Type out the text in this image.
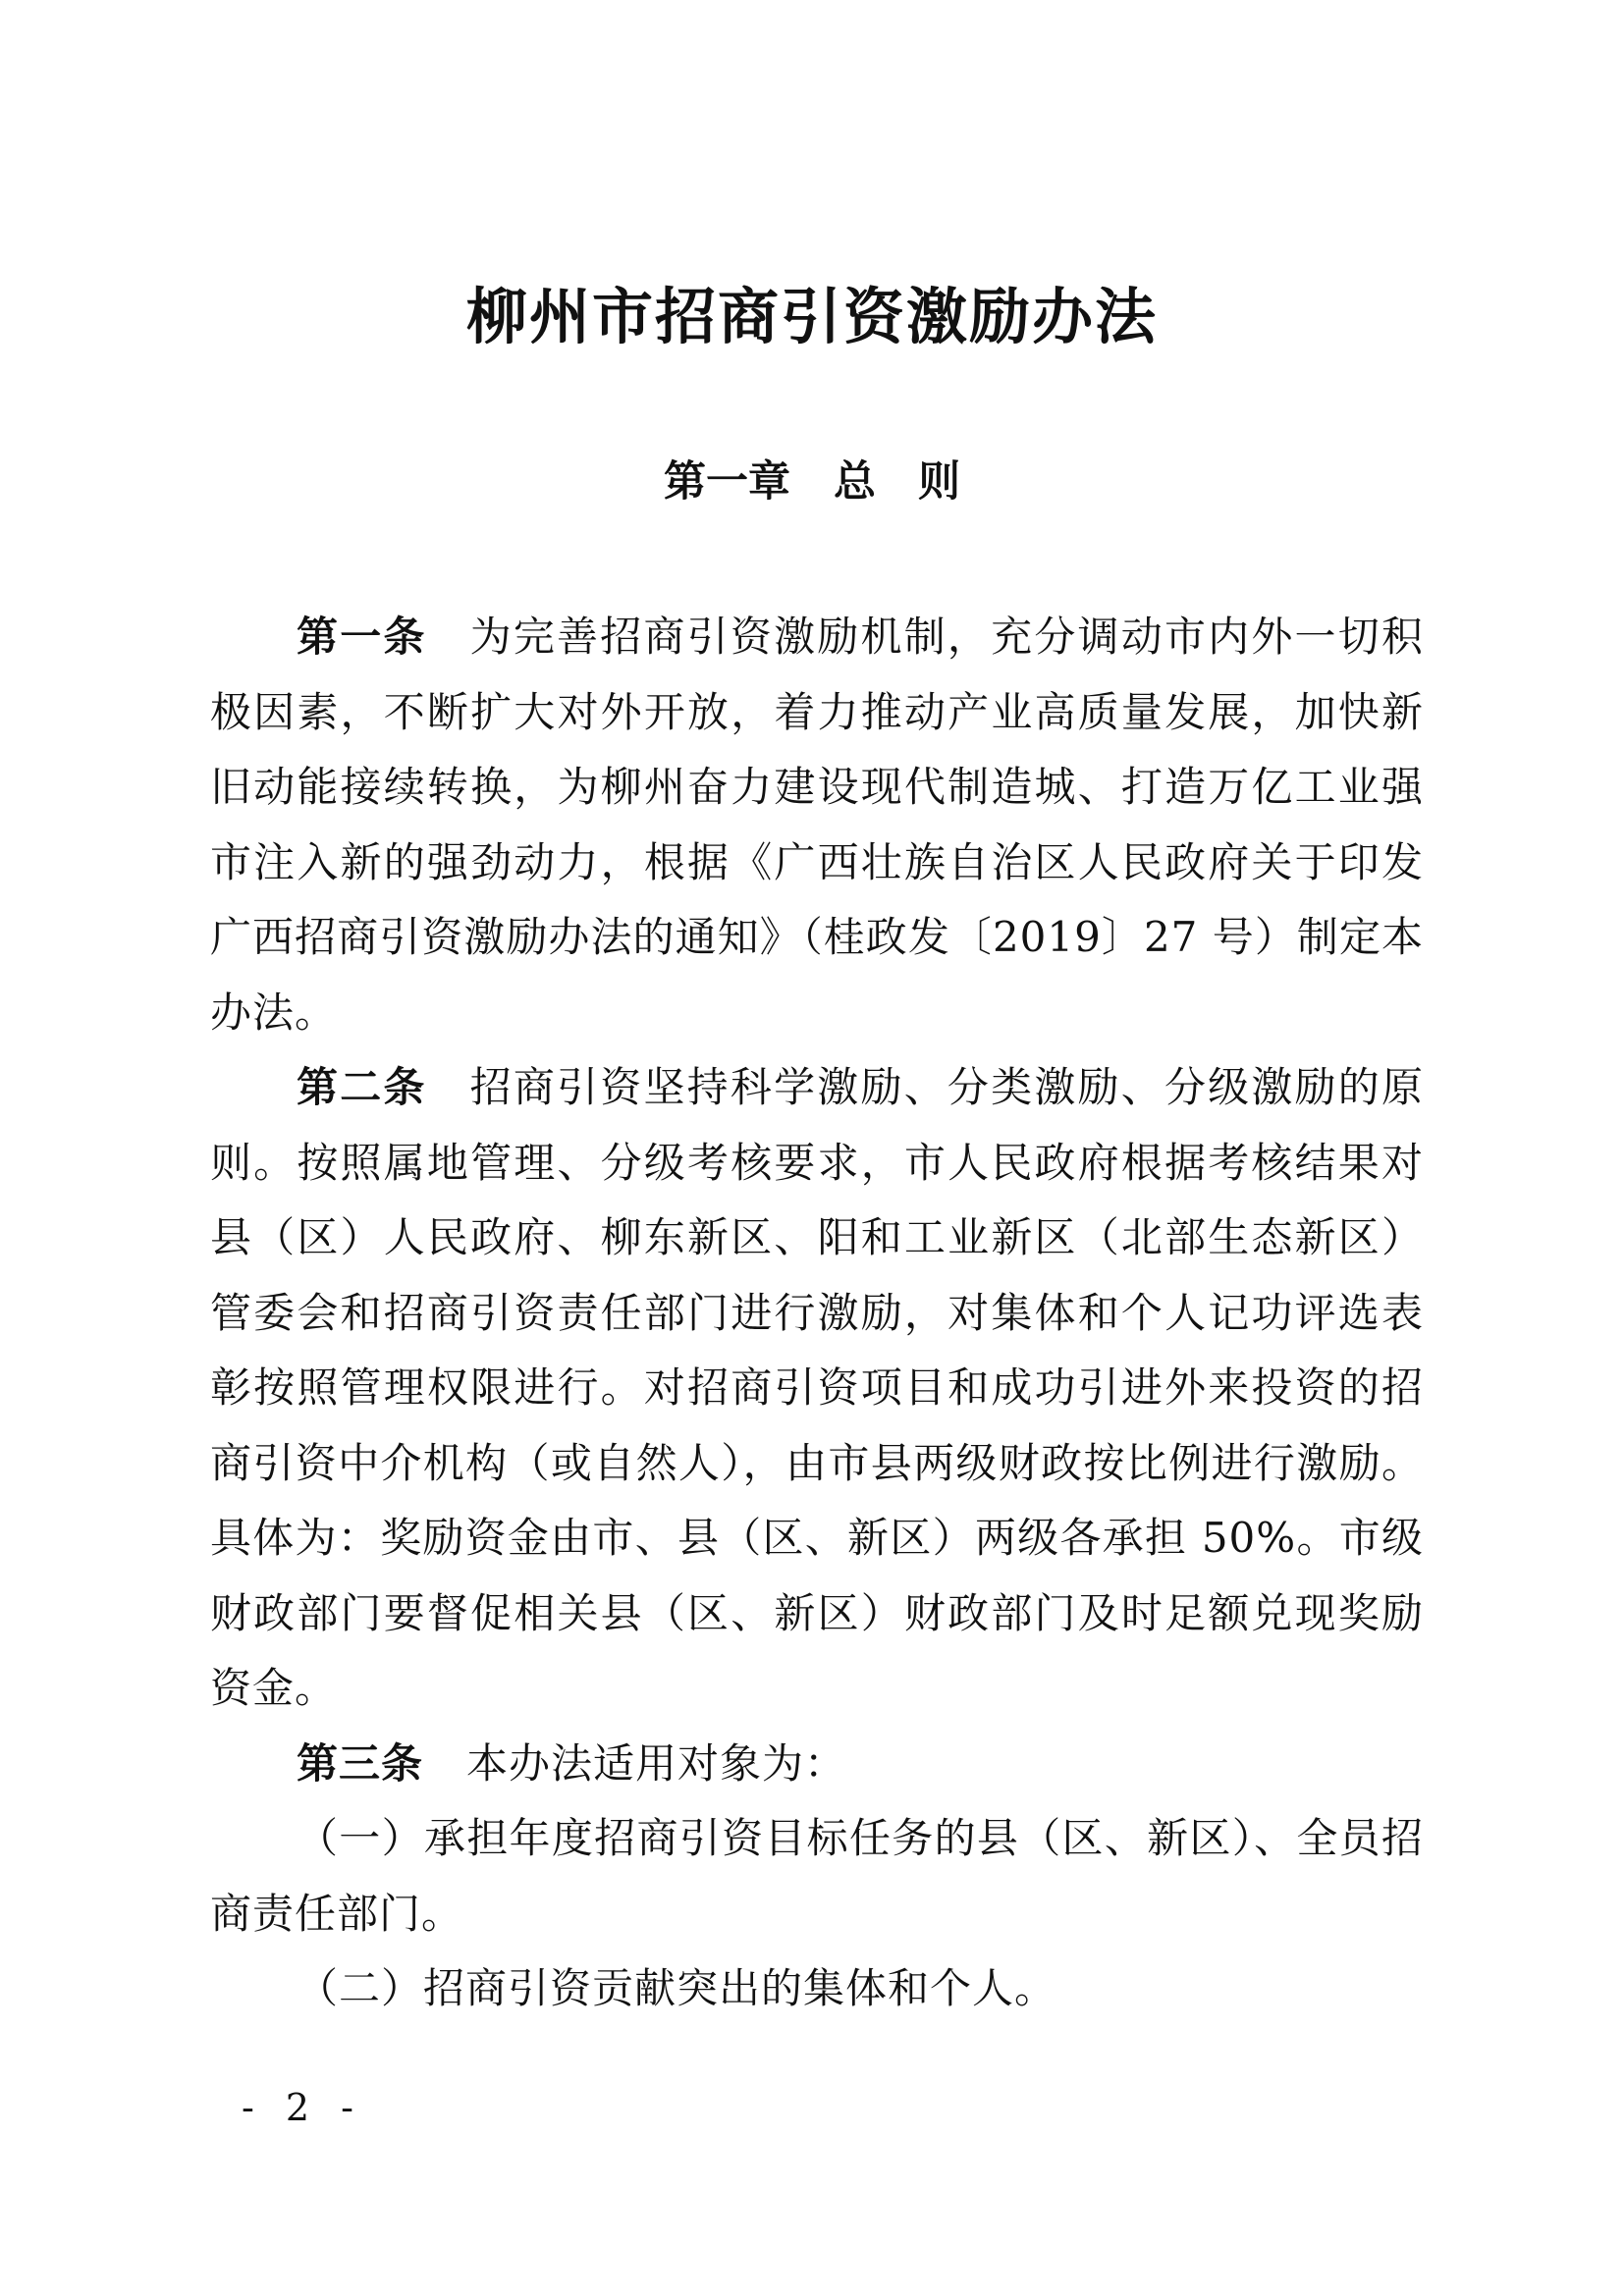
柳州市招商引资激励办法
第一章 总　则

第一条 为完善招商引资激励机制，充分调动市内外一切积极因素，不断扩大对外开放，着力推动产业高质量发展，加快新旧动能接续转换，为柳州奋力建设现代制造城、打造万亿工业强市注入新的强劲动力，根据《广西壮族自治区人民政府关于印发广西招商引资激励办法的通知》（桂政发〔2019〕27 号）制定本办法。

第二条 招商引资坚持科学激励、分类激励、分级激励的原则。按照属地管理、分级考核要求，市人民政府根据考核结果对县（区）人民政府、柳东新区、阳和工业新区（北部生态新区）管委会和招商引资责任部门进行激励，对集体和个人记功评选表彰按照管理权限进行。对招商引资项目和成功引进外来投资的招商引资中介机构（或自然人），由市县两级财政按比例进行激励。具体为：奖励资金由市、县（区、新区）两级各承担 50%。市级财政部门要督促相关县（区、新区）财政部门及时足额兑现奖励资金。

第三条 本办法适用对象为：

（一）承担年度招商引资目标任务的县（区、新区）、全员招商责任部门。

（二）招商引资贡献突出的集体和个人。

- 2 -
